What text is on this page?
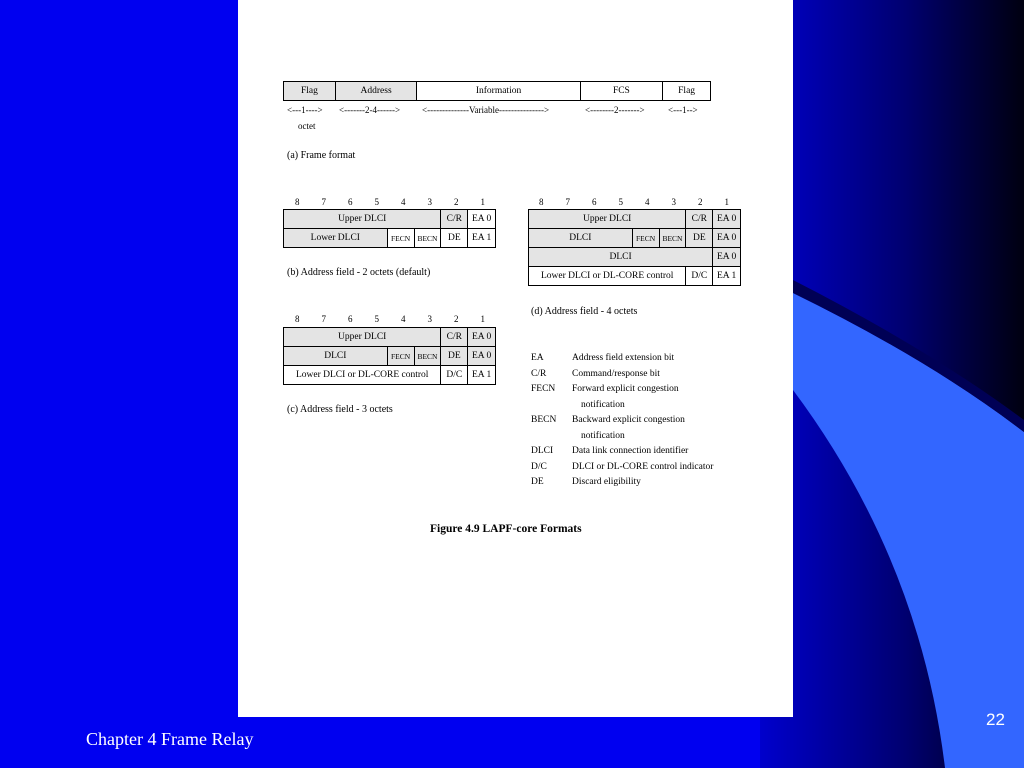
Flag	Address	Information	FCS	Flag
<---1----> <-------2-4------> <--------------Variable--------------->	<--------2------->	<---1-->
octet
(a) Frame format
8	7	6	5	4	3	2	1
Upper DLCI			C/R	EA 0
Lower DLCI	FECN	BECN	DE	EA 1
(b) Address field - 2 octets (default)
8	7	6	5	4	3	2	1
Upper DLCI			C/R	EA 0
DLCI	FECN	BECN	DE	EA 0
Lower DLCI or DL-CORE control			D/C	EA 1
(c) Address field - 3 octets
8	7	6	5	4	3	2	1
Upper DLCI			C/R	EA 0
DLCI	FECN	BECN	DE	EA 0
DLCI				EA 0
Lower DLCI or DL-CORE control			D/C	EA 1
(d) Address field - 4 octets
EA	Address field extension bit
C/R	Command/response bit
FECN	Forward explicit congestion
notification
BECN	Backward explicit congestion
notification
DLCI	Data link connection identifier
D/C	DLCI or DL-CORE control indicator
DE	Discard eligibility
Figure 4.9 LAPF-core Formats
Chapter 4 Frame Relay
22
